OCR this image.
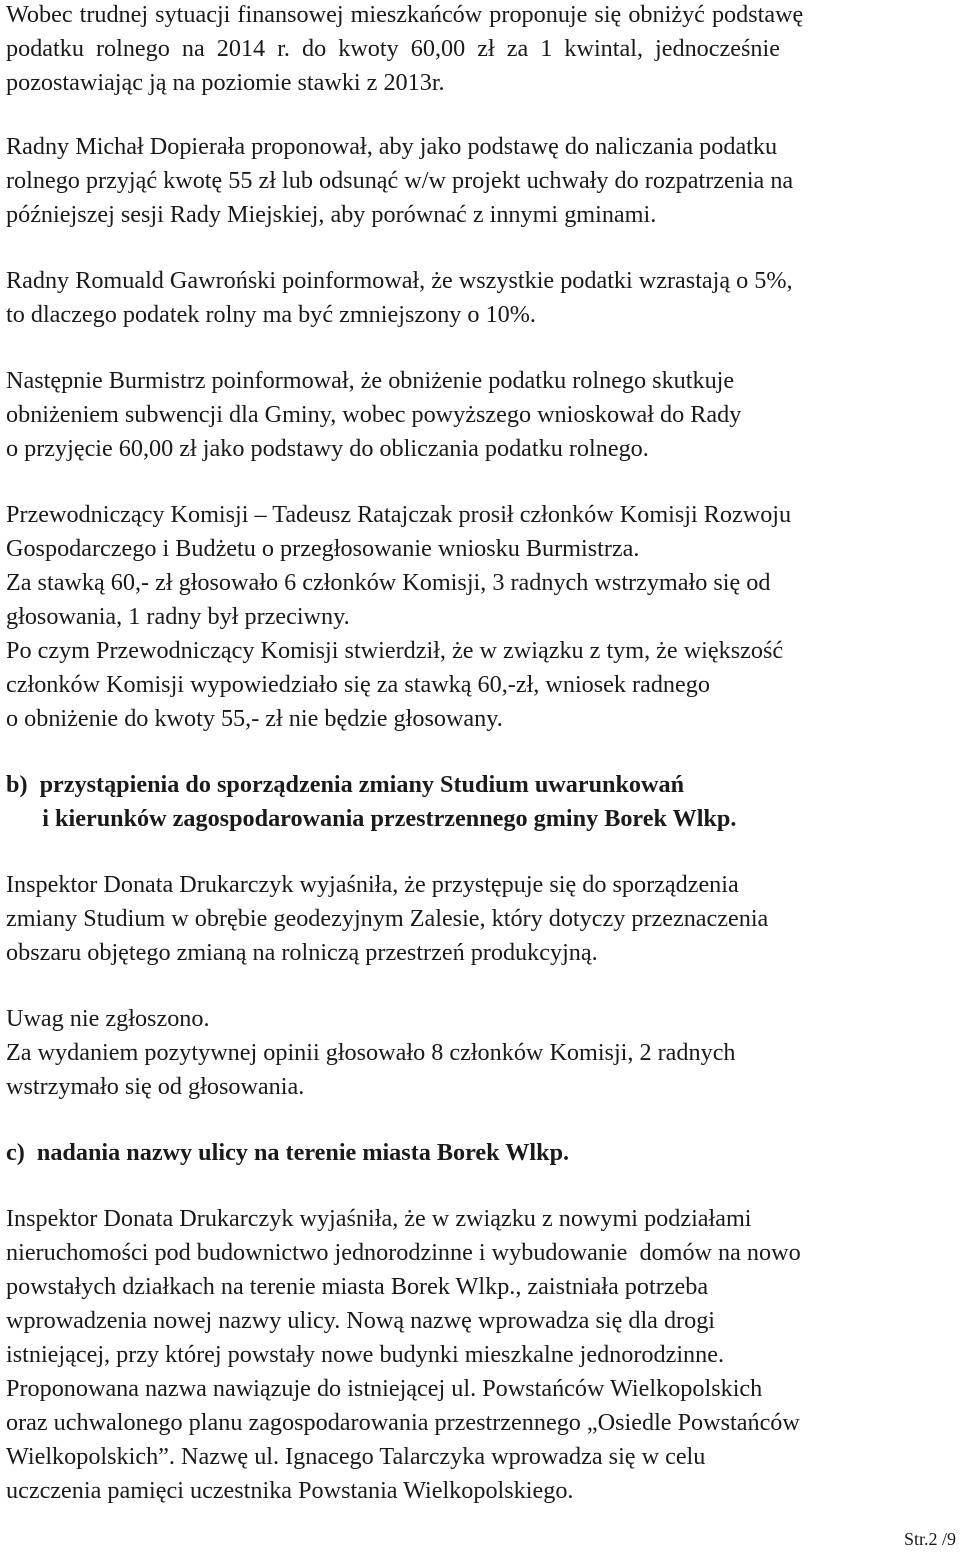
Wobec trudnej sytuacji finansowej mieszkańców proponuje się obniżyć podstawę
podatku rolnego na 2014 r. do kwoty 60,00 zł za 1 kwintal, jednocześnie
pozostawiając ją na poziomie stawki z 2013r.
Radny Michał Dopierała proponował, aby jako podstawę do naliczania podatku
rolnego przyjąć kwotę 55 zł lub odsunąć w/w projekt uchwały do rozpatrzenia na
późniejszej sesji Rady Miejskiej, aby porównać z innymi gminami.
Radny Romuald Gawroński poinformował, że wszystkie podatki wzrastają o 5%,
to dlaczego podatek rolny ma być zmniejszony o 10%.
Następnie Burmistrz poinformował, że obniżenie podatku rolnego skutkuje
obniżeniem subwencji dla Gminy, wobec powyższego wnioskował do Rady
o przyjęcie 60,00 zł jako podstawy do obliczania podatku rolnego.
Przewodniczący Komisji – Tadeusz Ratajczak prosił członków Komisji Rozwoju
Gospodarczego i Budżetu o przegłosowanie wniosku Burmistrza.
Za stawką 60,- zł głosowało 6 członków Komisji, 3 radnych wstrzymało się od
głosowania, 1 radny był przeciwny.
Po czym Przewodniczący Komisji stwierdził, że w związku z tym, że większość
członków Komisji wypowiedziało się za stawką 60,-zł, wniosek radnego
o obniżenie do kwoty 55,- zł nie będzie głosowany.
b)  przystąpienia do sporządzenia zmiany Studium uwarunkowań
i kierunków zagospodarowania przestrzennego gminy Borek Wlkp.
Inspektor Donata Drukarczyk wyjaśniła, że przystępuje się do sporządzenia
zmiany Studium w obrębie geodezyjnym Zalesie, który dotyczy przeznaczenia
obszaru objętego zmianą na rolniczą przestrzeń produkcyjną.
Uwag nie zgłoszono.
Za wydaniem pozytywnej opinii głosowało 8 członków Komisji, 2 radnych
wstrzymało się od głosowania.
c)  nadania nazwy ulicy na terenie miasta Borek Wlkp.
Inspektor Donata Drukarczyk wyjaśniła, że w związku z nowymi podziałami
nieruchomości pod budownictwo jednorodzinne i wybudowanie  domów na nowo
powstałych działkach na terenie miasta Borek Wlkp., zaistniała potrzeba
wprowadzenia nowej nazwy ulicy. Nową nazwę wprowadza się dla drogi
istniejącej, przy której powstały nowe budynki mieszkalne jednorodzinne.
Proponowana nazwa nawiązuje do istniejącej ul. Powstańców Wielkopolskich
oraz uchwalonego planu zagospodarowania przestrzennego „Osiedle Powstańców
Wielkopolskich”. Nazwę ul. Ignacego Talarczyka wprowadza się w celu
uczczenia pamięci uczestnika Powstania Wielkopolskiego.
Str.2 /9
